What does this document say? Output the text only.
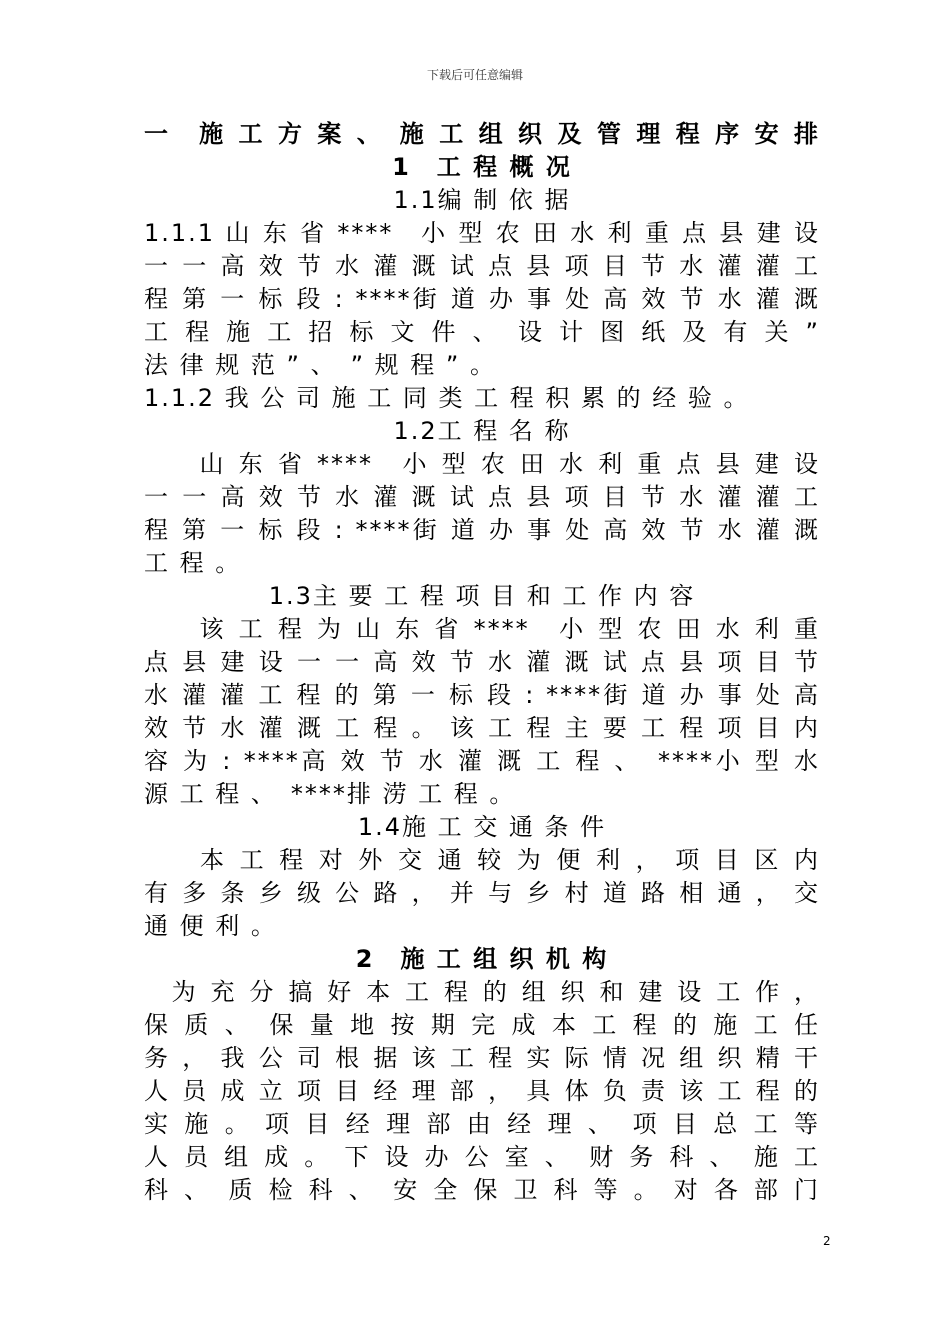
下载后可任意编辑
一　施 工 方 案 、　施 工 组 织 及 管 理 程 序 安 排
1　工 程 概 况
1.1编 制 依 据
1.1.1 山 东 省 ****　小 型 农 田 水 利 重 点 县 建 设
一 一 高 效 节 水 灌 溉 试 点 县 项 目 节 水 灌 灌 工
程 第 一 标 段 : ****街 道 办 事 处 高 效 节 水 灌 溉
工 程 施 工 招 标 文 件 、　设 计 图 纸 及 有 关 ”
法 律 规 范 ” 、　” 规 程 ” 。
1.1.2 我 公 司 施 工 同 类 工 程 积 累 的 经 验 。
1.2工 程 名 称
　　山 东 省 ****　小 型 农 田 水 利 重 点 县 建 设
一 一 高 效 节 水 灌 溉 试 点 县 项 目 节 水 灌 灌 工
程 第 一 标 段 : ****街 道 办 事 处 高 效 节 水 灌 溉
工 程 。
1.3主 要 工 程 项 目 和 工 作 内 容
　　该 工 程 为 山 东 省 ****　小 型 农 田 水 利 重
点 县 建 设 一 一 高 效 节 水 灌 溉 试 点 县 项 目 节
水 灌 灌 工 程 的 第 一 标 段 : ****街 道 办 事 处 高
效 节 水 灌 溉 工 程 。 该 工 程 主 要 工 程 项 目 内
容 为 : ****高 效 节 水 灌 溉 工 程 、　****小 型 水
源 工 程 、　****排 涝 工 程 。
1.4施 工 交 通 条 件
　　本 工 程 对 外 交 通 较 为 便 利 ， 项 目 区 内
有 多 条 乡 级 公 路 ， 并 与 乡 村 道 路 相 通 ， 交
通 便 利 。
2　施 工 组 织 机 构
　为 充 分 搞 好 本 工 程 的 组 织 和 建 设 工 作 ，
保 质 、　保 量 地 按 期 完 成 本 工 程 的 施 工 任
务 ， 我 公 司 根 据 该 工 程 实 际 情 况 组 织 精 干
人 员 成 立 项 目 经 理 部 ， 具 体 负 责 该 工 程 的
实 施 。 项 目 经 理 部 由 经 理 、　项 目 总 工 等
人 员 组 成 。 下 设 办 公 室 、　财 务 科 、　施 工
科 、　质 检 科 、　安 全 保 卫 科 等 。 对 各 部 门
2
